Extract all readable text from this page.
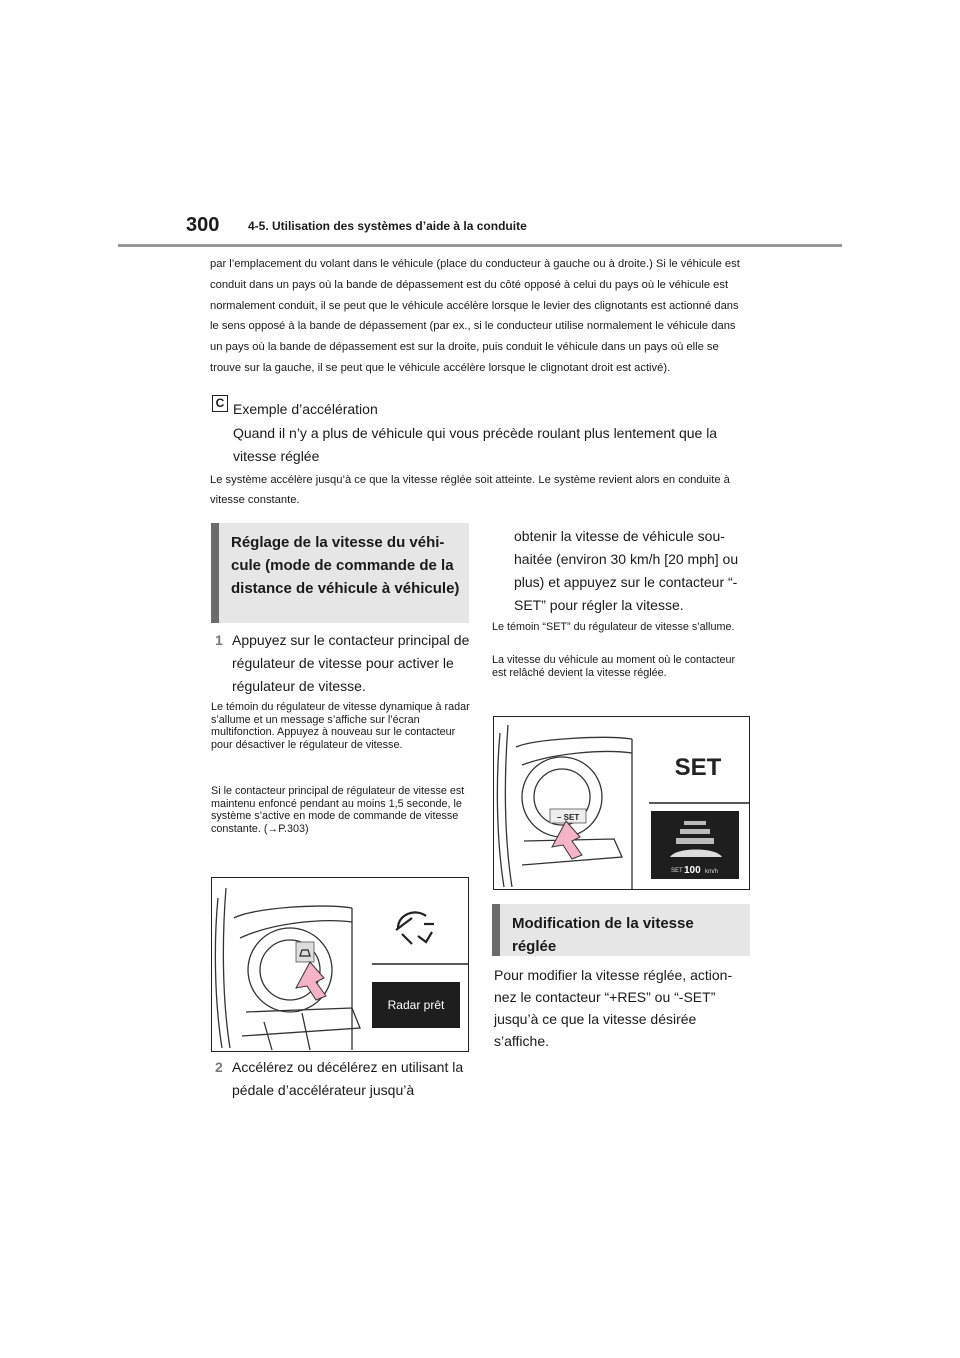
300 4-5. Utilisation des systèmes d’aide à la conduite
par l’emplacement du volant dans le véhicule (place du conducteur à gauche ou à droite.) Si le véhicule est conduit dans un pays où la bande de dépassement est du côté opposé à celui du pays où le véhicule est normalement conduit, il se peut que le véhicule accélère lorsque le levier des clignotants est actionné dans le sens opposé à la bande de dépassement (par ex., si le conducteur utilise normalement le véhicule dans un pays où la bande de dépassement est sur la droite, puis conduit le véhicule dans un pays où elle se trouve sur la gauche, il se peut que le véhicule accélère lorsque le clignotant droit est activé).
C Exemple d’accélération
Quand il n’y a plus de véhicule qui vous précède roulant plus lentement que la vitesse réglée
Le système accélère jusqu’à ce que la vitesse réglée soit atteinte. Le système revient alors en conduite à vitesse constante.
Réglage de la vitesse du véhicule (mode de commande de la distance de véhicule à véhicule)
1 Appuyez sur le contacteur principal de régulateur de vitesse pour activer le régulateur de vitesse.
Le témoin du régulateur de vitesse dynamique à radar s’allume et un message s’affiche sur l’écran multifonction. Appuyez à nouveau sur le contacteur pour désactiver le régulateur de vitesse.
Si le contacteur principal de régulateur de vitesse est maintenu enfoncé pendant au moins 1,5 seconde, le système s’active en mode de commande de vitesse constante. (→P.303)
Radar prêt
2 Accélérez ou décélérez en utilisant la pédale d’accélérateur jusqu’à
obtenir la vitesse de véhicule souhaitée (environ 30 km/h [20 mph] ou plus) et appuyez sur le contacteur “-SET” pour régler la vitesse.
Le témoin “SET” du régulateur de vitesse s’allume.
La vitesse du véhicule au moment où le contacteur est relâché devient la vitesse réglée.
− SET
SET
SET 100 km/h
Modification de la vitesse réglée
Pour modifier la vitesse réglée, actionnez le contacteur “+RES” ou “-SET” jusqu’à ce que la vitesse désirée s’affiche.
